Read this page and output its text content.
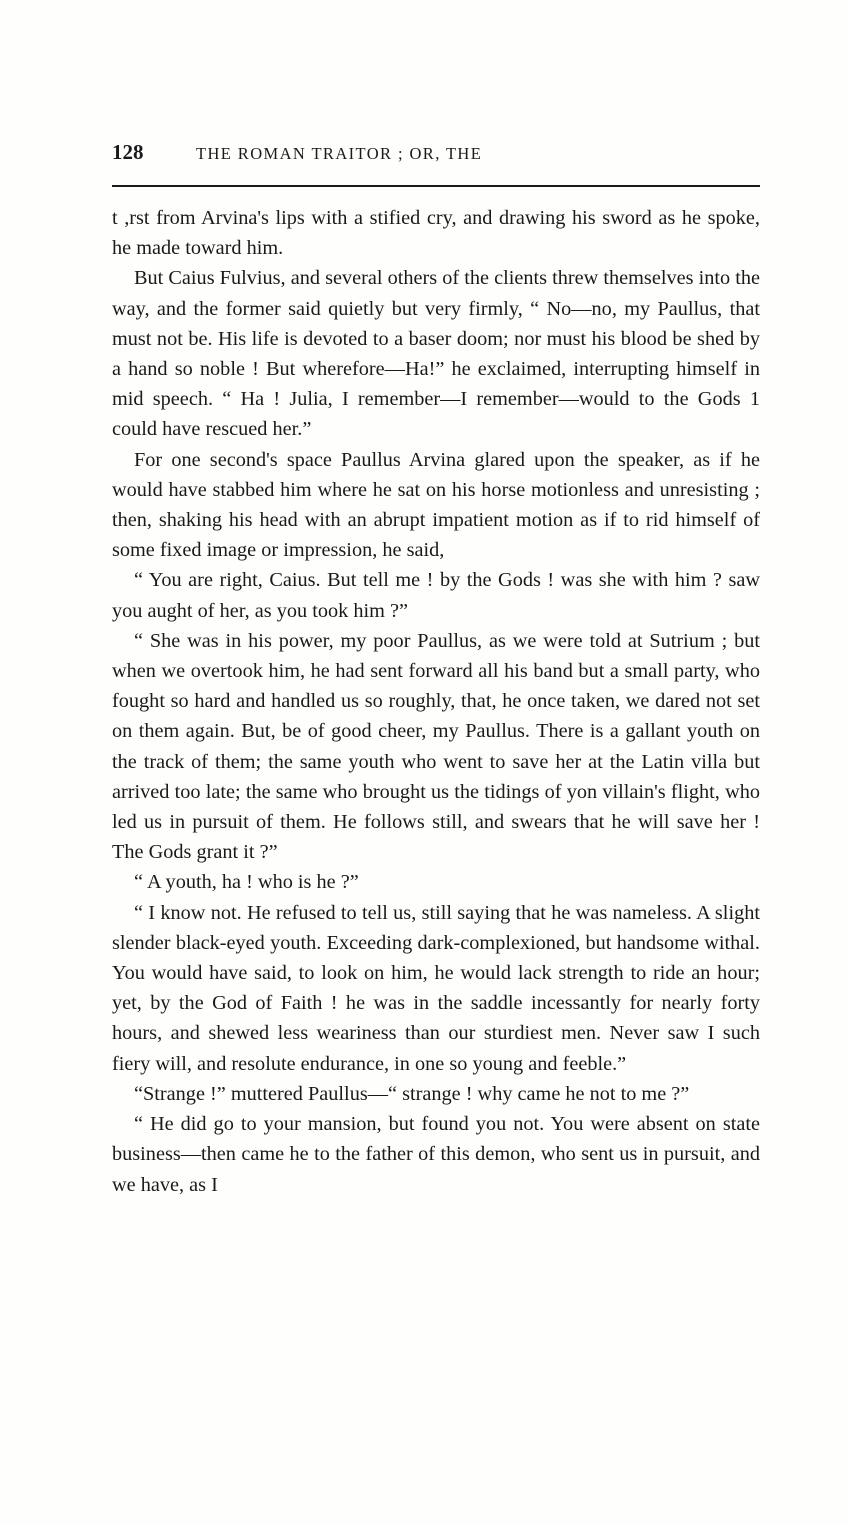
128	THE ROMAN TRAITOR ; OR, THE

t ,rst from Arvina's lips with a stified cry, and drawing his sword as he spoke, he made toward him.

But Caius Fulvius, and several others of the clients threw themselves into the way, and the former said quietly but very firmly, “ No—no, my Paullus, that must not be. His life is devoted to a baser doom; nor must his blood be shed by a hand so noble ! But wherefore—Ha!” he exclaimed, interrupting himself in mid speech. “ Ha ! Julia, I remember—I remember—would to the Gods 1 could have rescued her.”

For one second's space Paullus Arvina glared upon the speaker, as if he would have stabbed him where he sat on his horse motionless and unresisting ; then, shaking his head with an abrupt impatient motion as if to rid himself of some fixed image or impression, he said,

“ You are right, Caius. But tell me ! by the Gods ! was she with him ? saw you aught of her, as you took him ?”

“ She was in his power, my poor Paullus, as we were told at Sutrium ; but when we overtook him, he had sent forward all his band but a small party, who fought so hard and handled us so roughly, that, he once taken, we dared not set on them again. But, be of good cheer, my Paullus. There is a gallant youth on the track of them; the same youth who went to save her at the Latin villa but arrived too late; the same who brought us the tidings of yon villain's flight, who led us in pursuit of them. He follows still, and swears that he will save her ! The Gods grant it ?”

“ A youth, ha ! who is he ?”

“ I know not. He refused to tell us, still saying that he was nameless. A slight slender black-eyed youth. Exceeding dark-complexioned, but handsome withal. You would have said, to look on him, he would lack strength to ride an hour; yet, by the God of Faith ! he was in the saddle incessantly for nearly forty hours, and shewed less weariness than our sturdiest men. Never saw I such fiery will, and resolute endurance, in one so young and feeble.”

“Strange !” muttered Paullus—“ strange ! why came he not to me ?”

“ He did go to your mansion, but found you not. You were absent on state business—then came he to the father of this demon, who sent us in pursuit, and we have, as I
